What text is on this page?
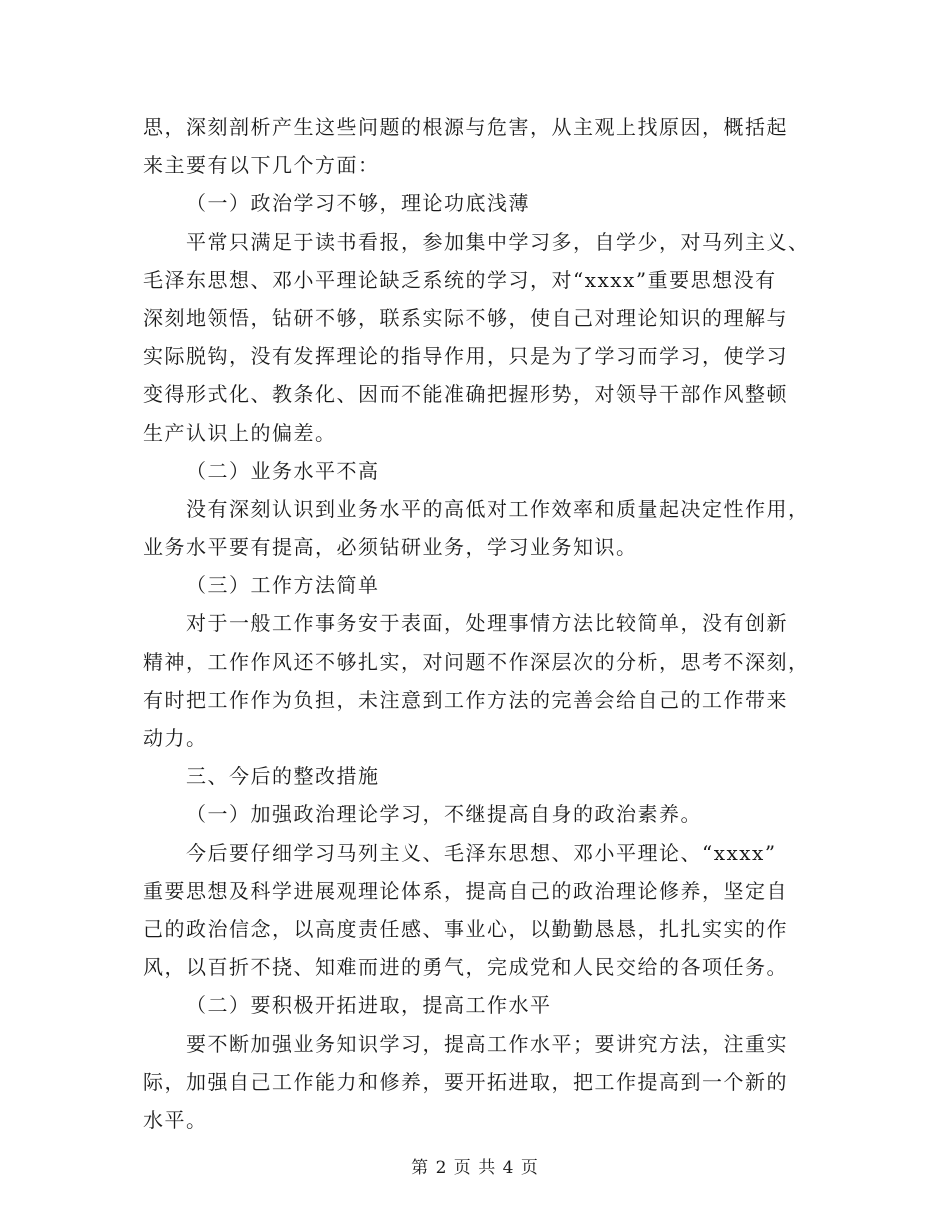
思，深刻剖析产生这些问题的根源与危害，从主观上找原因，概括起
来主要有以下几个方面：
（一）政治学习不够，理论功底浅薄
平常只满足于读书看报，参加集中学习多，自学少，对马列主义、
毛泽东思想、邓小平理论缺乏系统的学习，对“xxxx”重要思想没有
深刻地领悟，钻研不够，联系实际不够，使自己对理论知识的理解与
实际脱钩，没有发挥理论的指导作用，只是为了学习而学习，使学习
变得形式化、教条化、因而不能准确把握形势，对领导干部作风整顿
生产认识上的偏差。
（二）业务水平不高
没有深刻认识到业务水平的高低对工作效率和质量起决定性作用，
业务水平要有提高，必须钻研业务，学习业务知识。
（三）工作方法简单
对于一般工作事务安于表面，处理事情方法比较简单，没有创新
精神，工作作风还不够扎实，对问题不作深层次的分析，思考不深刻，
有时把工作作为负担，未注意到工作方法的完善会给自己的工作带来
动力。
三、今后的整改措施
（一）加强政治理论学习，不继提高自身的政治素养。
今后要仔细学习马列主义、毛泽东思想、邓小平理论、“xxxx”
重要思想及科学进展观理论体系，提高自己的政治理论修养，坚定自
己的政治信念，以高度责任感、事业心，以勤勤恳恳，扎扎实实的作
风，以百折不挠、知难而进的勇气，完成党和人民交给的各项任务。
（二）要积极开拓进取，提高工作水平
要不断加强业务知识学习，提高工作水平；要讲究方法，注重实
际，加强自己工作能力和修养，要开拓进取，把工作提高到一个新的
水平。
第 2 页 共 4 页
